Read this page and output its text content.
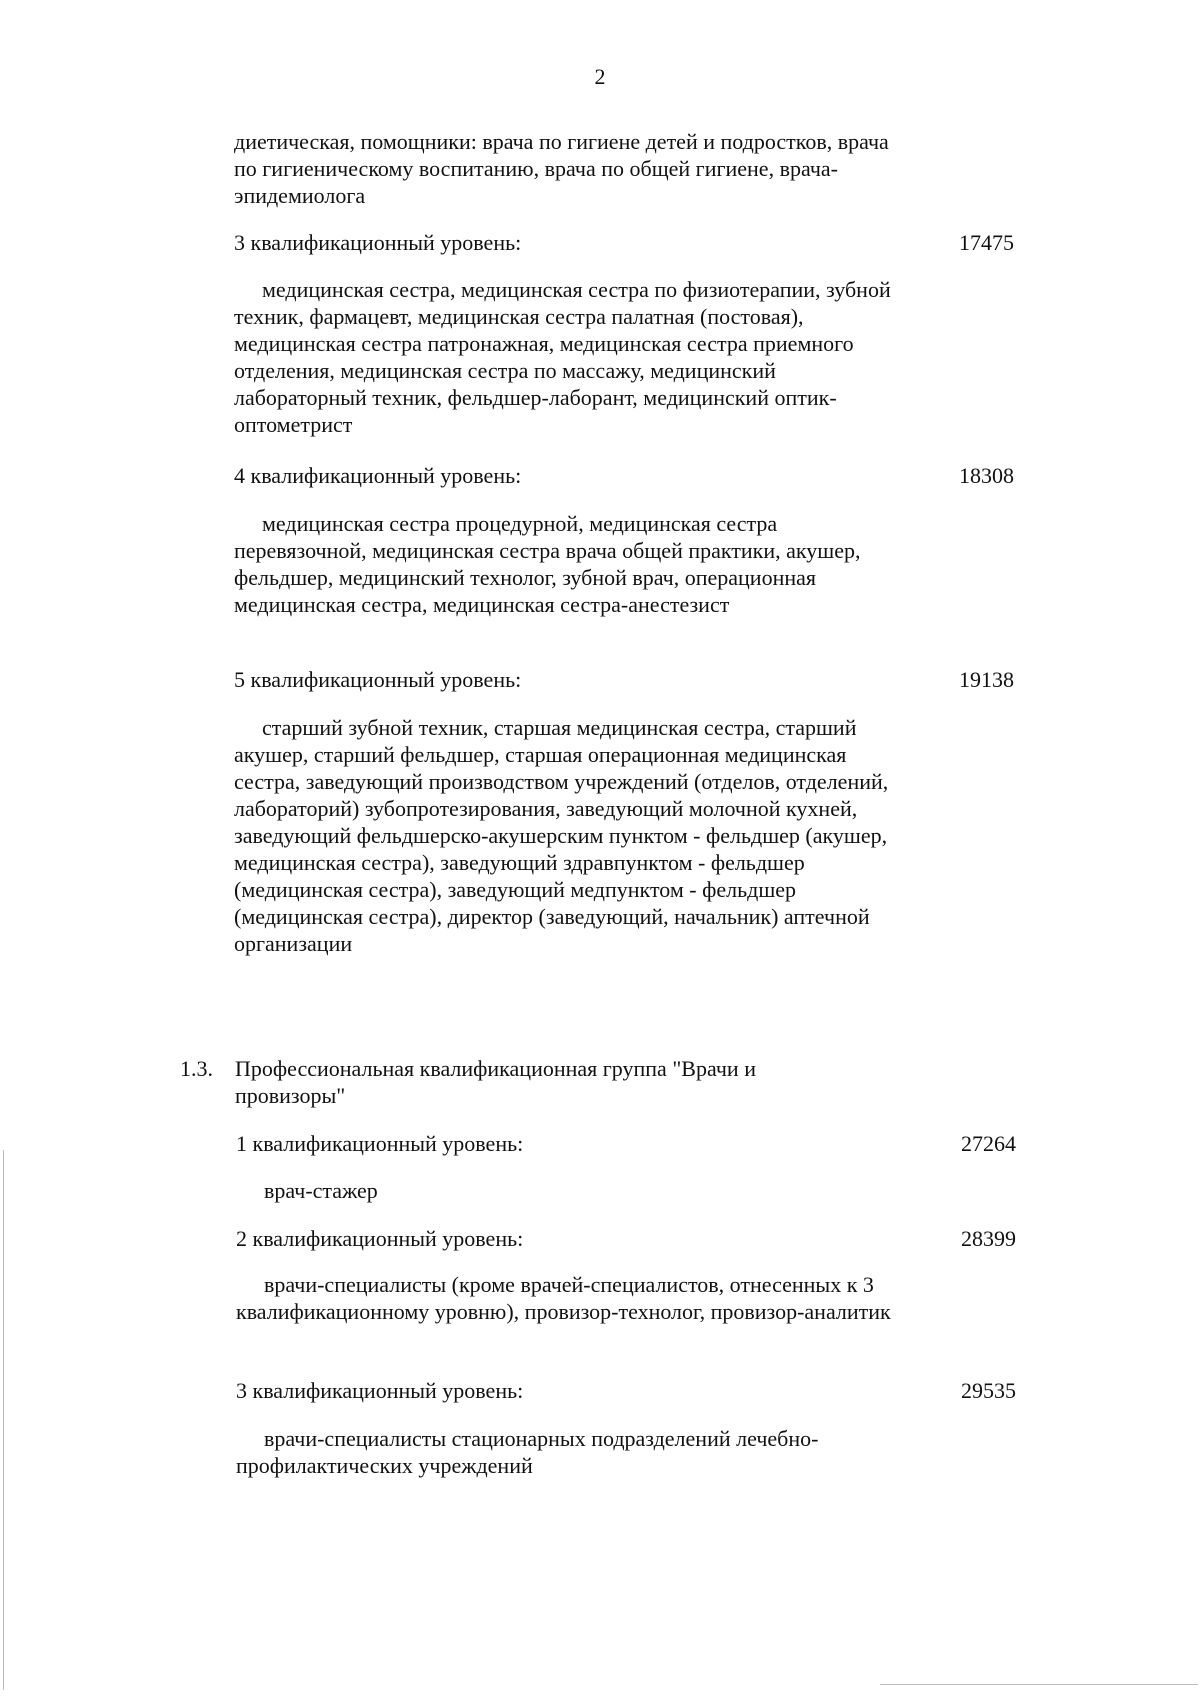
2
диетическая, помощники: врача по гигиене детей и подростков, врача по гигиеническому воспитанию, врача по общей гигиене, врача-эпидемиолога
3 квалификационный уровень:	17475
медицинская сестра, медицинская сестра по физиотерапии, зубной техник, фармацевт, медицинская сестра палатная (постовая), медицинская сестра патронажная, медицинская сестра приемного отделения, медицинская сестра по массажу, медицинский лабораторный техник, фельдшер-лаборант, медицинский оптик-оптометрист
4 квалификационный уровень:	18308
медицинская сестра процедурной, медицинская сестра перевязочной, медицинская сестра врача общей практики, акушер, фельдшер, медицинский технолог, зубной врач, операционная медицинская сестра, медицинская сестра-анестезист
5 квалификационный уровень:	19138
старший зубной техник, старшая медицинская сестра, старший акушер, старший фельдшер, старшая операционная медицинская сестра, заведующий производством учреждений (отделов, отделений, лабораторий) зубопротезирования, заведующий молочной кухней, заведующий фельдшерско-акушерским пунктом - фельдшер (акушер, медицинская сестра), заведующий здравпунктом - фельдшер (медицинская сестра), заведующий медпунктом - фельдшер (медицинская сестра), директор (заведующий, начальник) аптечной организации
1.3.	Профессиональная квалификационная группа "Врачи и провизоры"
1 квалификационный уровень:	27264
врач-стажер
2 квалификационный уровень:	28399
врачи-специалисты (кроме врачей-специалистов, отнесенных к 3 квалификационному уровню), провизор-технолог, провизор-аналитик
3 квалификационный уровень:	29535
врачи-специалисты стационарных подразделений лечебно-профилактических учреждений
